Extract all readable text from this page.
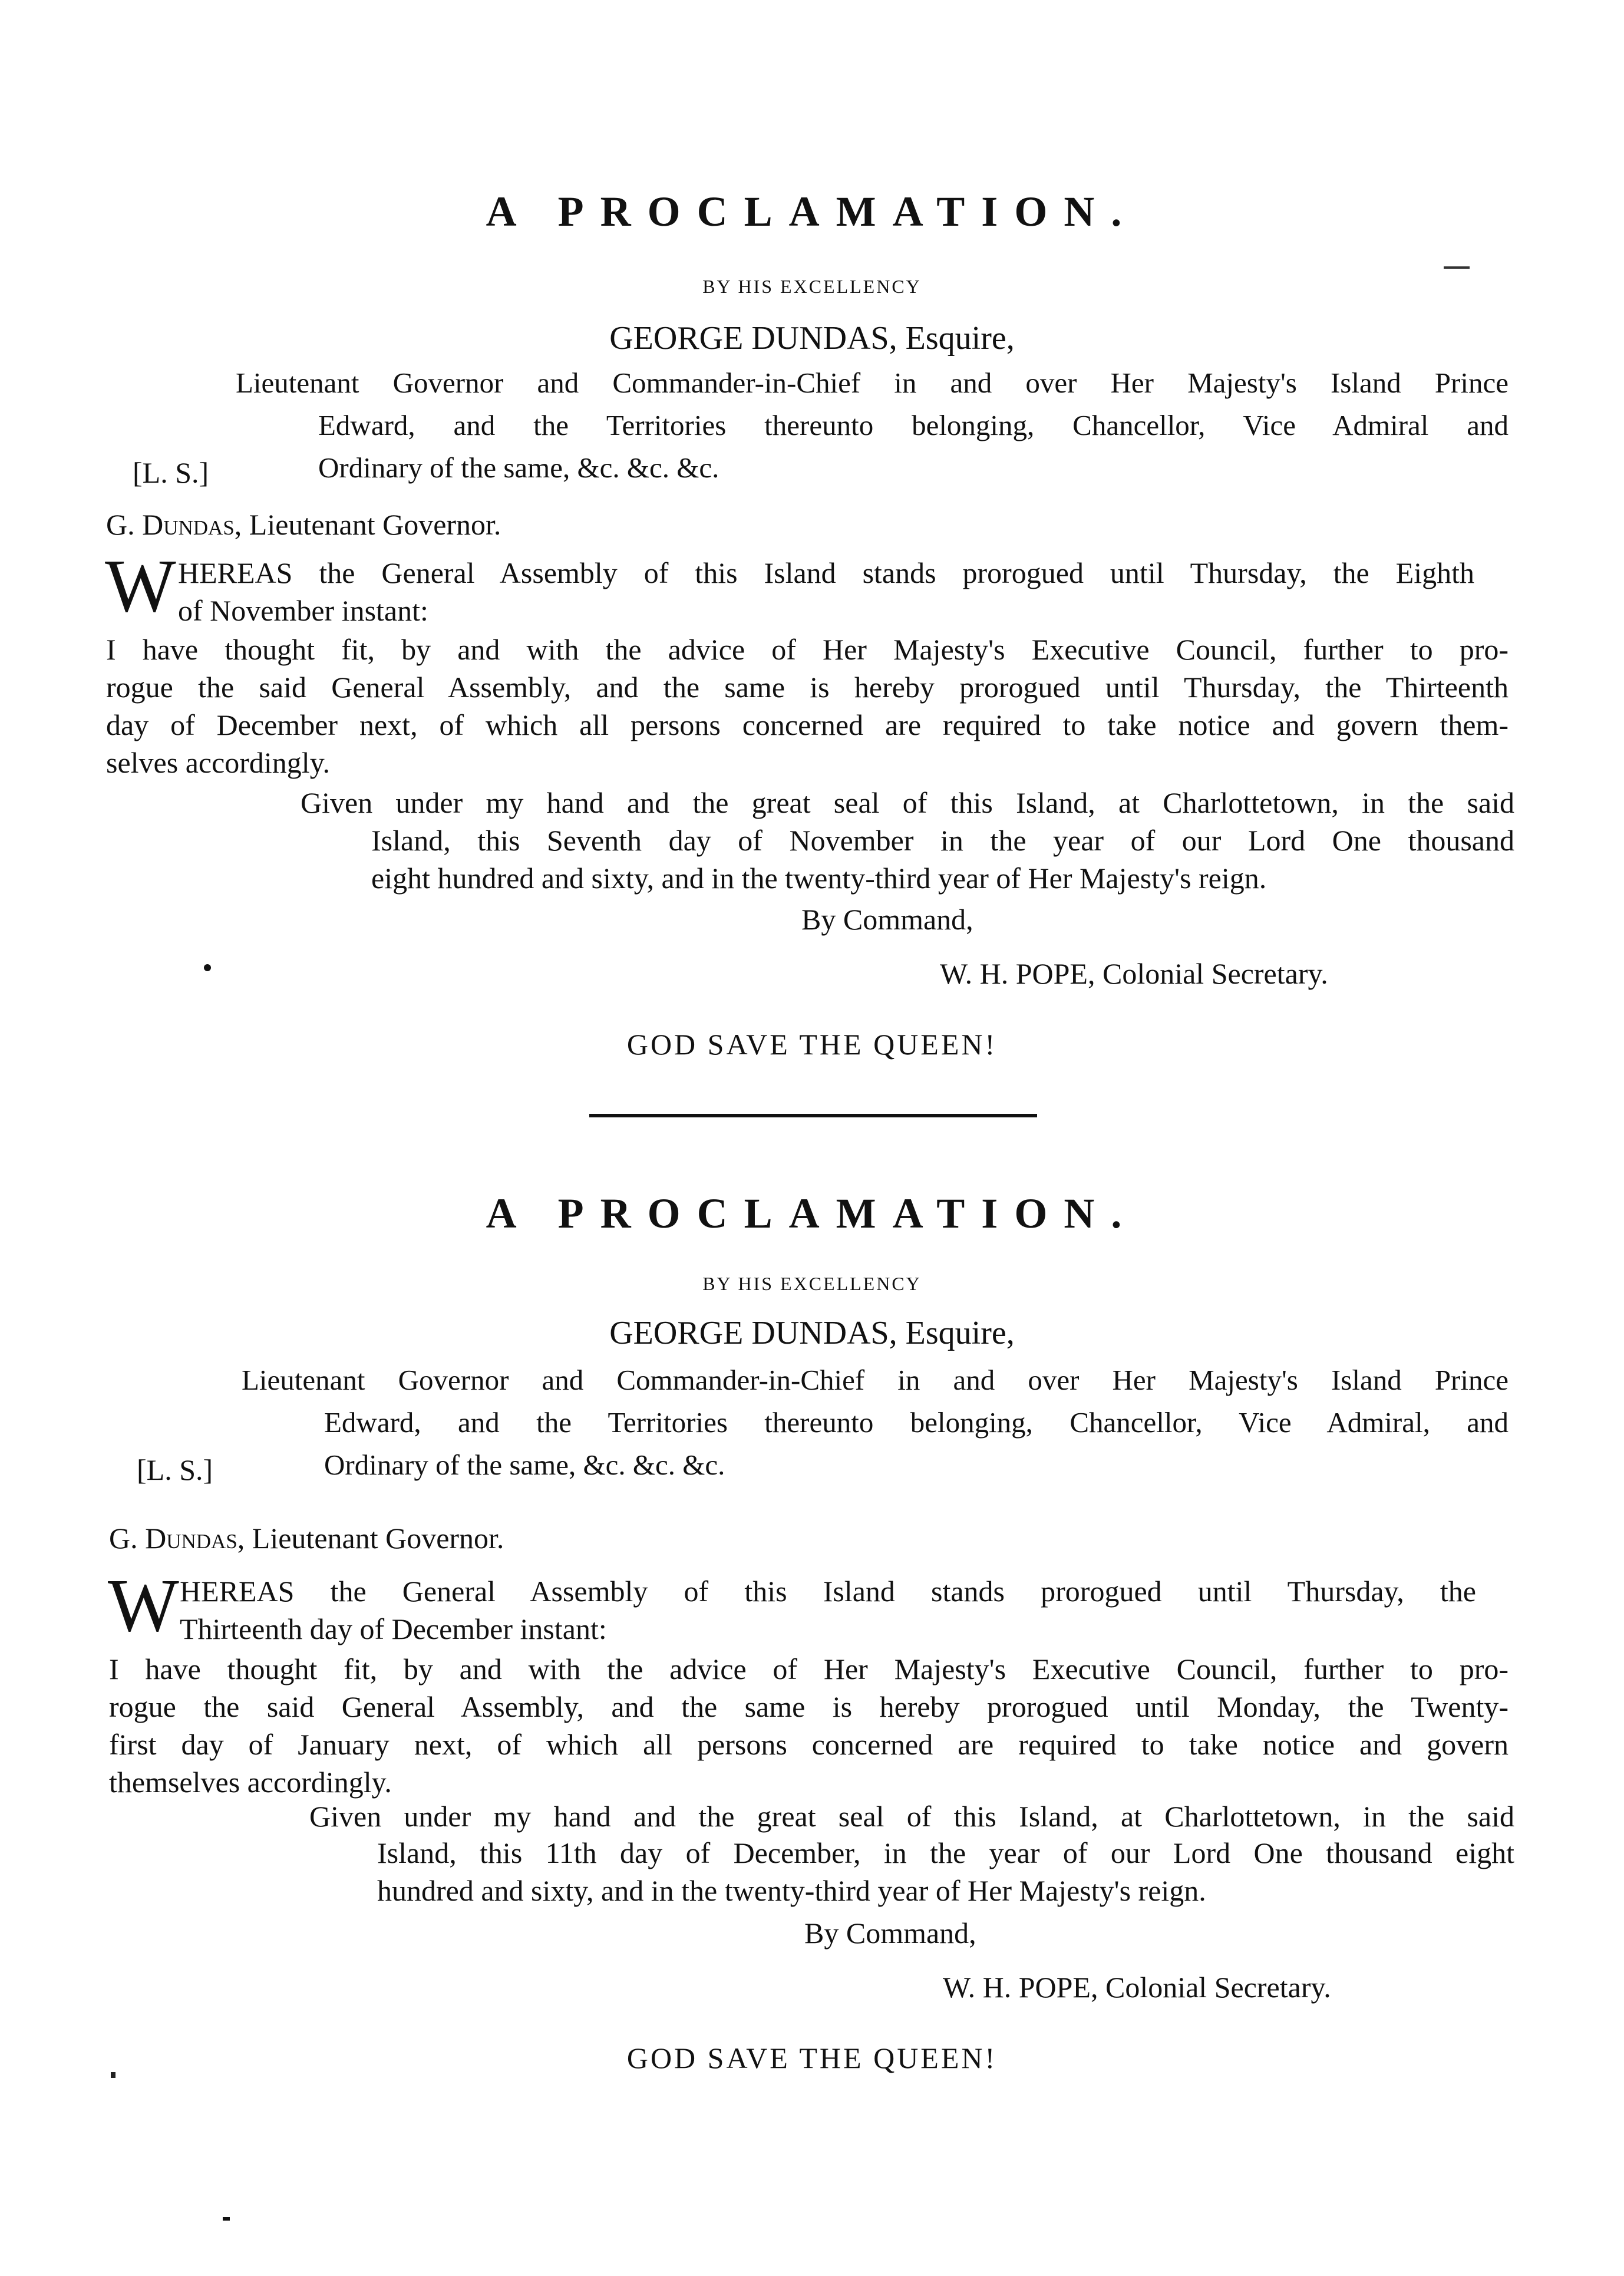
A PROCLAMATION.
BY HIS EXCELLENCY
GEORGE DUNDAS, Esquire,
Lieutenant Governor and Commander-in-Chief in and over Her Majesty's Island Prince
Edward, and the Territories thereunto belonging, Chancellor, Vice Admiral and
Ordinary of the same, &c. &c. &c.
[L. S.]
G. Dundas, Lieutenant Governor.
W HEREAS the General Assembly of this Island stands prorogued until Thursday, the Eighth
of November instant:
I have thought fit, by and with the advice of Her Majesty's Executive Council, further to pro-
rogue the said General Assembly, and the same is hereby prorogued until Thursday, the Thirteenth
day of December next, of which all persons concerned are required to take notice and govern them-
selves accordingly.
Given under my hand and the great seal of this Island, at Charlottetown, in the said
Island, this Seventh day of November in the year of our Lord One thousand
eight hundred and sixty, and in the twenty-third year of Her Majesty's reign.
By Command,
W. H. POPE, Colonial Secretary.
GOD SAVE THE QUEEN!
A PROCLAMATION.
BY HIS EXCELLENCY
GEORGE DUNDAS, Esquire,
Lieutenant Governor and Commander-in-Chief in and over Her Majesty's Island Prince
Edward, and the Territories thereunto belonging, Chancellor, Vice Admiral, and
Ordinary of the same, &c. &c. &c.
[L. S.]
G. Dundas, Lieutenant Governor.
W HEREAS the General Assembly of this Island stands prorogued until Thursday, the
Thirteenth day of December instant:
I have thought fit, by and with the advice of Her Majesty's Executive Council, further to pro-
rogue the said General Assembly, and the same is hereby prorogued until Monday, the Twenty-
first day of January next, of which all persons concerned are required to take notice and govern
themselves accordingly.
Given under my hand and the great seal of this Island, at Charlottetown, in the said
Island, this 11th day of December, in the year of our Lord One thousand eight
hundred and sixty, and in the twenty-third year of Her Majesty's reign.
By Command,
W. H. POPE, Colonial Secretary.
GOD SAVE THE QUEEN!
